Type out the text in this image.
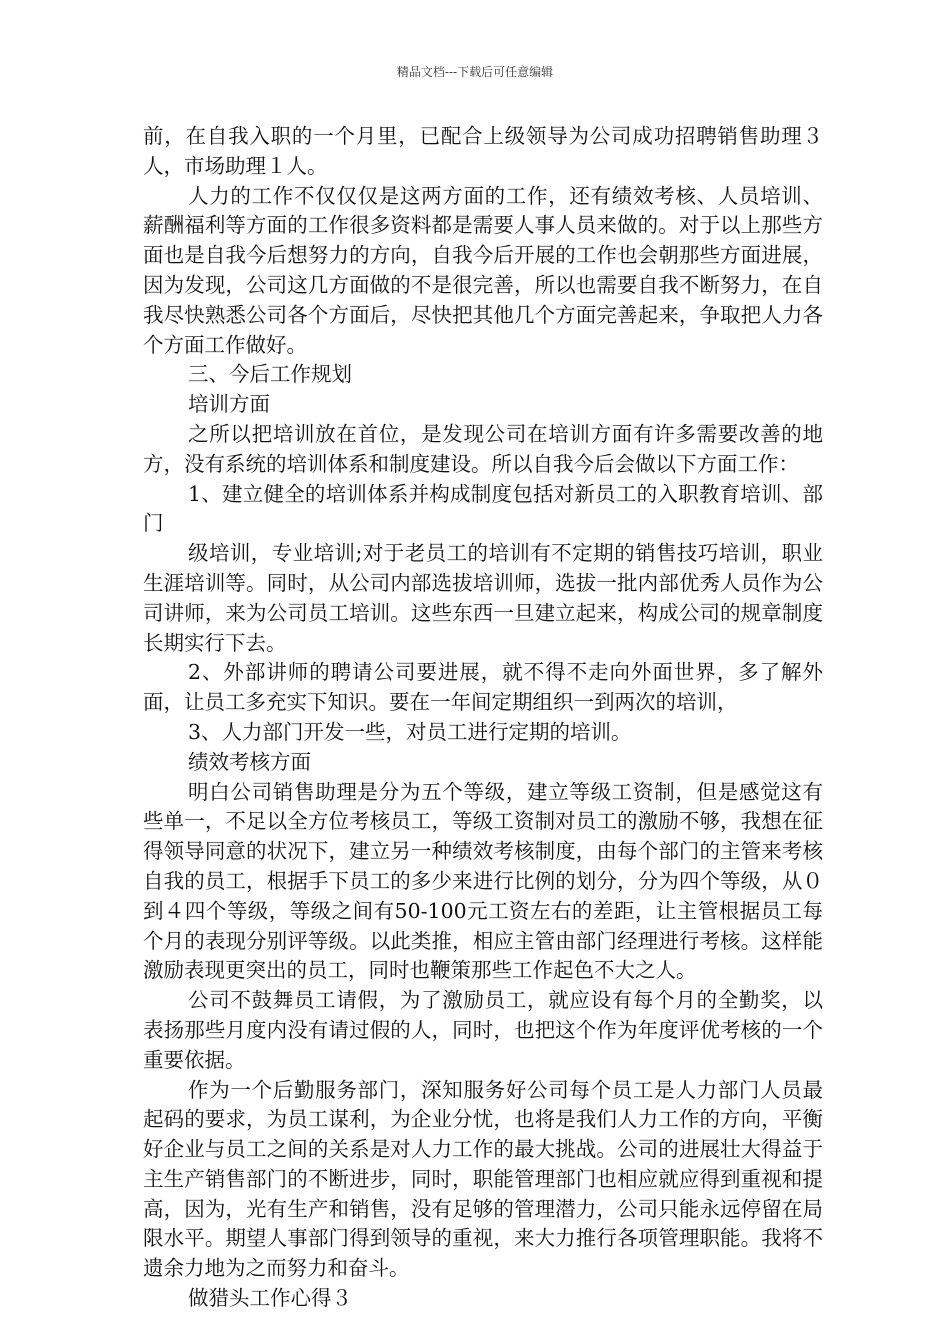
精品文档---下载后可任意编辑

前，在自我入职的一个月里，已配合上级领导为公司成功招聘销售助理３人，市场助理１人。

人力的工作不仅仅仅是这两方面的工作，还有绩效考核、人员培训、薪酬福利等方面的工作很多资料都是需要人事人员来做的。对于以上那些方面也是自我今后想努力的方向，自我今后开展的工作也会朝那些方面进展，因为发现，公司这几方面做的不是很完善，所以也需要自我不断努力，在自我尽快熟悉公司各个方面后，尽快把其他几个方面完善起来，争取把人力各个方面工作做好。

三、今后工作规划

培训方面

之所以把培训放在首位，是发现公司在培训方面有许多需要改善的地方，没有系统的培训体系和制度建设。所以自我今后会做以下方面工作：

1、建立健全的培训体系并构成制度包括对新员工的入职教育培训、部门

级培训，专业培训;对于老员工的培训有不定期的销售技巧培训，职业生涯培训等。同时，从公司内部选拔培训师，选拔一批内部优秀人员作为公司讲师，来为公司员工培训。这些东西一旦建立起来，构成公司的规章制度长期实行下去。

2、外部讲师的聘请公司要进展，就不得不走向外面世界，多了解外面，让员工多充实下知识。要在一年间定期组织一到两次的培训，

3、人力部门开发一些，对员工进行定期的培训。

绩效考核方面

明白公司销售助理是分为五个等级，建立等级工资制，但是感觉这有些单一，不足以全方位考核员工，等级工资制对员工的激励不够，我想在征得领导同意的状况下，建立另一种绩效考核制度，由每个部门的主管来考核自我的员工，根据手下员工的多少来进行比例的划分，分为四个等级，从０到４四个等级，等级之间有50-100元工资左右的差距，让主管根据员工每个月的表现分别评等级。以此类推，相应主管由部门经理进行考核。这样能激励表现更突出的员工，同时也鞭策那些工作起色不大之人。

公司不鼓舞员工请假，为了激励员工，就应设有每个月的全勤奖，以表扬那些月度内没有请过假的人，同时，也把这个作为年度评优考核的一个重要依据。

作为一个后勤服务部门，深知服务好公司每个员工是人力部门人员最起码的要求，为员工谋利，为企业分忧，也将是我们人力工作的方向，平衡好企业与员工之间的关系是对人力工作的最大挑战。公司的进展壮大得益于主生产销售部门的不断进步，同时，职能管理部门也相应就应得到重视和提高，因为，光有生产和销售，没有足够的管理潜力，公司只能永远停留在局限水平。期望人事部门得到领导的重视，来大力推行各项管理职能。我将不遗余力地为之而努力和奋斗。

做猎头工作心得３
